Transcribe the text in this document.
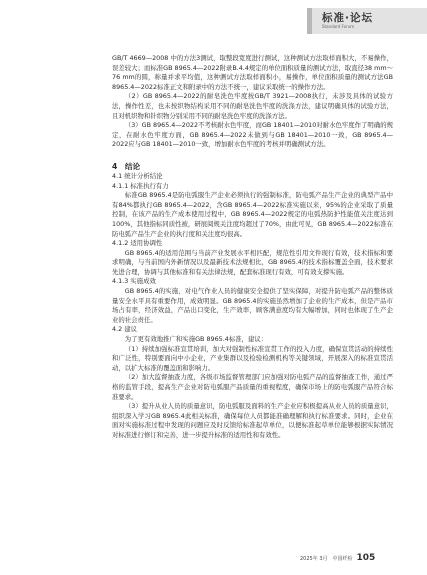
标准·论坛
Standard Forum

GB/T 4669—2008 中的方法3测试，取整段宽度进行测试，这种测试方法取样面积大，不易操作，误差较大；而标准GB 8965.4—2022附录B.4.4规定的单位面积质量的测试方法，取直径38 mm～76 mm的圆，称量并求平均值，这种测试方法取样面积小，易操作，单位面积质量的测试方法GB 8965.4—2022标准正文和附录中的方法不统一，建议采取统一的操作方法。

（2）GB 8965.4—2022的耐皂洗色牢度按GB/T 3921—2008执行，未涉及具体的试验方法，操作性差，也未按织物结构采用不同的耐皂洗色牢度的洗涤方法，建议明确具体的试验方法，且对机织物和针织物分别采用不同的耐皂洗色牢度的洗涤方法。

（3）GB 8965.4—2022不考核耐水色牢度，而GB 18401—2010对耐水色牢度作了明确的规定，在耐水色牢度方面，GB 8965.4—2022未做到与GB 18401—2010一致，GB 8965.4—2022应与GB 18401—2010一致，增加耐水色牢度的考核并明确测试方法。

4　结论

4.1 统计分析结论

4.1.1 标准执行有力

标准GB 8965.4是防电弧服生产企业必须执行的强制标准，防电弧产品生产企业的典型产品中有84%都执行GB 8965.4—2022，含GB 8965.4—2022标准实施以来，95%的企业采取了质量控制，在该产品的生产成本使用过程中，GB 8965.4—2022规定的电弧热防护性能值关注度达到100%，其他指标同质性被，研展阅规关注度均超过了70%，由此可见，GB 8965.4—2022标准在防电弧产品生产企业的执行度和关注度均很高。

4.1.2 适用协调性

GB 8965.4的适用范围与当前产业发展水平相匹配，规范性引用文件现行有效，技术指标和要求明确，与当前国内外新情况以及最新技术法规相比，GB 8965.4的技术指标覆盖全面，技术要求先进合理，协调与其他标准和有关法律法规，配套标准现行有效，可有效支撑实施。

4.1.3 实施成效

GB 8965.4的实施，对电气作业人员的健康安全提供了坚实保障，对提升防电弧产品的整体质量安全水平具有重要作用，成效明显。GB 8965.4的实施虽然增加了企业的生产成本，但是产品市场占有率，经济效益，产品出口变化，生产效率，顾客满意度均有大幅增加，同时也体现了生产企业的社会责任。

4.2 建议

为了更有效地推广和实施GB 8965.4标准，建议：

（1）持续加强标准宣贯培训，加大对强制性标准宣贯工作的投入力度，确保宣贯活动的持续性和广泛性，特别要面向中小企业，产业集群以及检验检测机构等关键领域，开展深入的标准宣贯活动，以扩大标准的覆盖面和影响力。

（2）加大监督抽查力度，各级市场监督管理部门应加强对防电弧产品的监督抽查工作，通过严格的监管手段，提高生产企业对防电弧服产品质量的重视程度，确保市场上的防电弧服产品符合标准要求。

（3）提升从业人员的质量意识，防电弧服及面料的生产企业应积极提高从业人员的质量意识，组织深入学习GB 8965.4此相关标准，确保每位人员都能准确理解和执行标准要求。同时，企业在面对实施标准过程中发现的问题应及时反馈给标准起草单位，以便标准起草单位能够根据实际情况对标准进行修订和完善，进一步提升标准的适用性和有效性。

2025年 3月　中国纤检 105
